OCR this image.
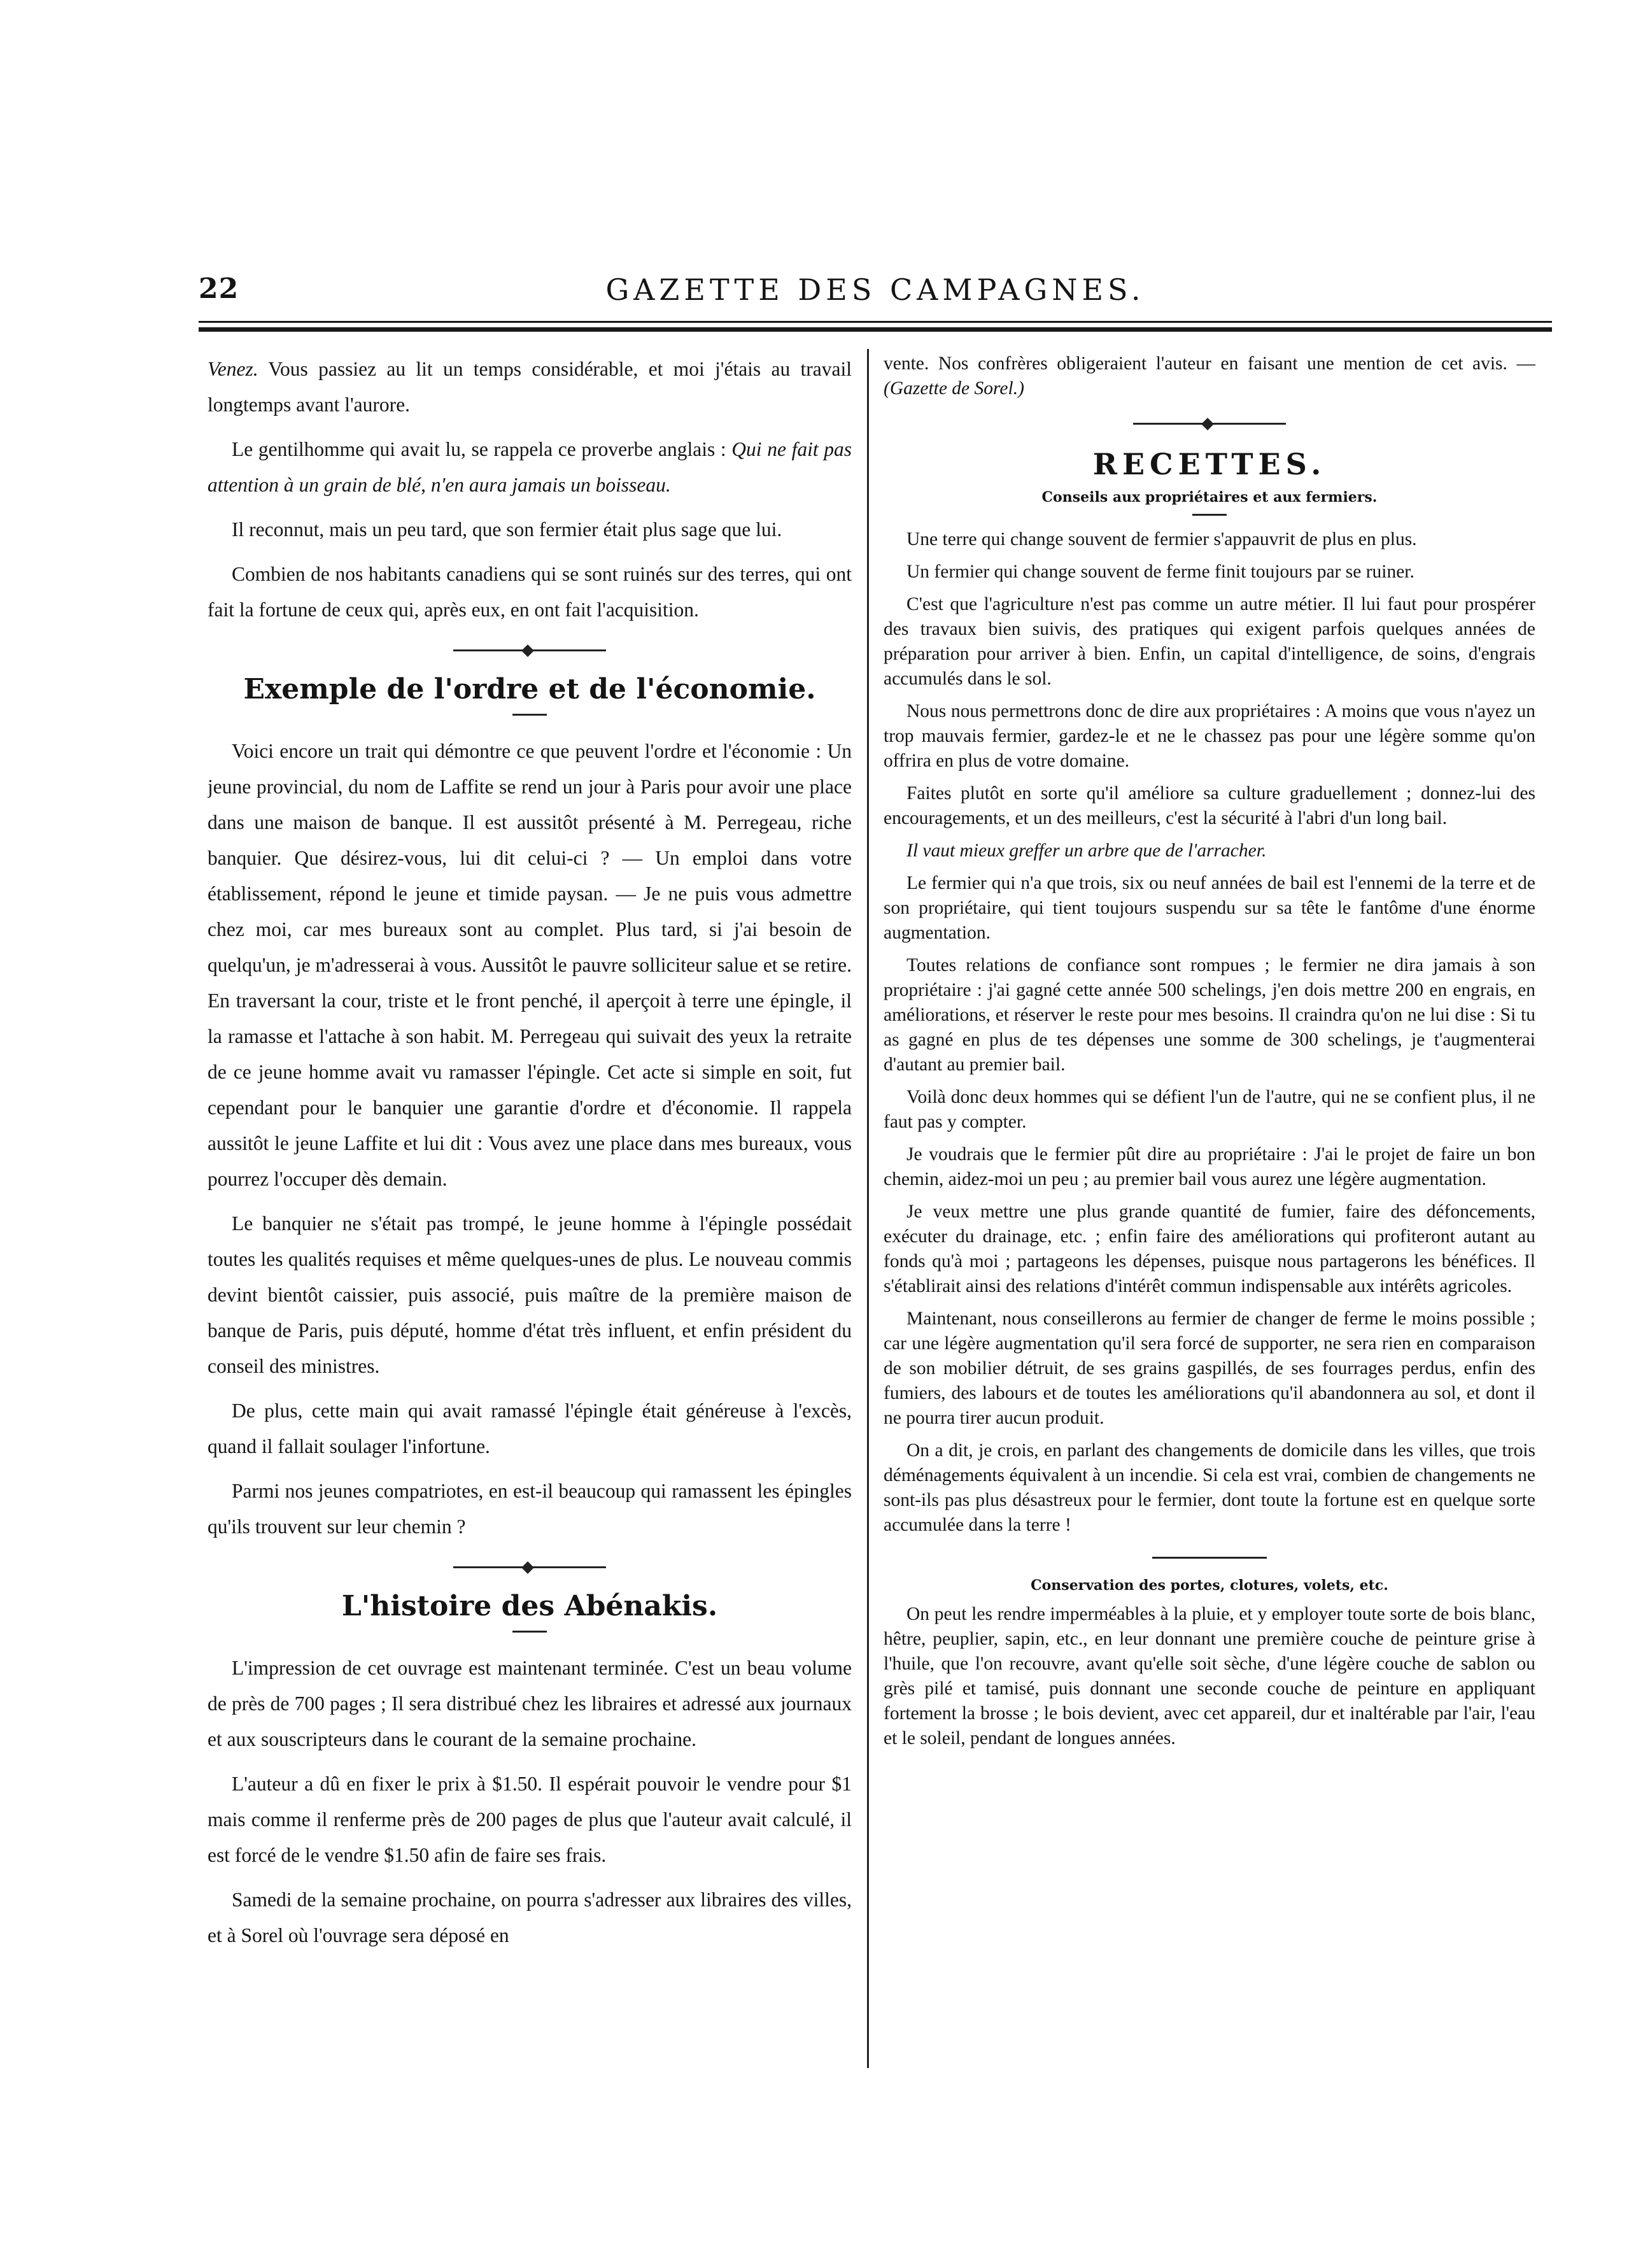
22	GAZETTE DES CAMPAGNES.

Venez. Vous passiez au lit un temps considérable, et moi j'étais au travail longtemps avant l'aurore.

Le gentilhomme qui avait lu, se rappela ce proverbe anglais : Qui ne fait pas attention à un grain de blé, n'en aura jamais un boisseau.

Il reconnut, mais un peu tard, que son fermier était plus sage que lui.

Combien de nos habitants canadiens qui se sont ruinés sur des terres, qui ont fait la fortune de ceux qui, après eux, en ont fait l'acquisition.

Exemple de l'ordre et de l'économie.

Voici encore un trait qui démontre ce que peuvent l'ordre et l'économie : Un jeune provincial, du nom de Laffite se rend un jour à Paris pour avoir une place dans une maison de banque. Il est aussitôt présenté à M. Perregeau, riche banquier. Que désirez-vous, lui dit celui-ci ? — Un emploi dans votre établissement, répond le jeune et timide paysan. — Je ne puis vous admettre chez moi, car mes bureaux sont au complet. Plus tard, si j'ai besoin de quelqu'un, je m'adresserai à vous. Aussitôt le pauvre solliciteur salue et se retire. En traversant la cour, triste et le front penché, il aperçoit à terre une épingle, il la ramasse et l'attache à son habit. M. Perregeau qui suivait des yeux la retraite de ce jeune homme avait vu ramasser l'épingle. Cet acte si simple en soit, fut cependant pour le banquier une garantie d'ordre et d'économie. Il rappela aussitôt le jeune Laffite et lui dit : Vous avez une place dans mes bureaux, vous pourrez l'occuper dès demain.

Le banquier ne s'était pas trompé, le jeune homme à l'épingle possédait toutes les qualités requises et même quelques-unes de plus. Le nouveau commis devint bientôt caissier, puis associé, puis maître de la première maison de banque de Paris, puis député, homme d'état très influent, et enfin président du conseil des ministres.

De plus, cette main qui avait ramassé l'épingle était généreuse à l'excès, quand il fallait soulager l'infortune.

Parmi nos jeunes compatriotes, en est-il beaucoup qui ramassent les épingles qu'ils trouvent sur leur chemin ?

L'histoire des Abénakis.

L'impression de cet ouvrage est maintenant terminée. C'est un beau volume de près de 700 pages ; Il sera distribué chez les libraires et adressé aux journaux et aux souscripteurs dans le courant de la semaine prochaine.

L'auteur a dû en fixer le prix à $1.50. Il espérait pouvoir le vendre pour $1 mais comme il renferme près de 200 pages de plus que l'auteur avait calculé, il est forcé de le vendre $1.50 afin de faire ses frais.

Samedi de la semaine prochaine, on pourra s'adresser aux libraires des villes, et à Sorel où l'ouvrage sera déposé en

vente. Nos confrères obligeraient l'auteur en faisant une mention de cet avis. — (Gazette de Sorel.)

RECETTES.
Conseils aux propriétaires et aux fermiers.

Une terre qui change souvent de fermier s'appauvrit de plus en plus.

Un fermier qui change souvent de ferme finit toujours par se ruiner.

C'est que l'agriculture n'est pas comme un autre métier. Il lui faut pour prospérer des travaux bien suivis, des pratiques qui exigent parfois quelques années de préparation pour arriver à bien. Enfin, un capital d'intelligence, de soins, d'engrais accumulés dans le sol.

Nous nous permettrons donc de dire aux propriétaires : A moins que vous n'ayez un trop mauvais fermier, gardez-le et ne le chassez pas pour une légère somme qu'on offrira en plus de votre domaine.

Faites plutôt en sorte qu'il améliore sa culture graduellement ; donnez-lui des encouragements, et un des meilleurs, c'est la sécurité à l'abri d'un long bail.

Il vaut mieux greffer un arbre que de l'arracher.

Le fermier qui n'a que trois, six ou neuf années de bail est l'ennemi de la terre et de son propriétaire, qui tient toujours suspendu sur sa tête le fantôme d'une énorme augmentation.

Toutes relations de confiance sont rompues ; le fermier ne dira jamais à son propriétaire : j'ai gagné cette année 500 schelings, j'en dois mettre 200 en engrais, en améliorations, et réserver le reste pour mes besoins. Il craindra qu'on ne lui dise : Si tu as gagné en plus de tes dépenses une somme de 300 schelings, je t'augmenterai d'autant au premier bail.

Voilà donc deux hommes qui se défient l'un de l'autre, qui ne se confient plus, il ne faut pas y compter.

Je voudrais que le fermier pût dire au propriétaire : J'ai le projet de faire un bon chemin, aidez-moi un peu ; au premier bail vous aurez une légère augmentation.

Je veux mettre une plus grande quantité de fumier, faire des défoncements, exécuter du drainage, etc. ; enfin faire des améliorations qui profiteront autant au fonds qu'à moi ; partageons les dépenses, puisque nous partagerons les bénéfices. Il s'établirait ainsi des relations d'intérêt commun indispensable aux intérêts agricoles.

Maintenant, nous conseillerons au fermier de changer de ferme le moins possible ; car une légère augmentation qu'il sera forcé de supporter, ne sera rien en comparaison de son mobilier détruit, de ses grains gaspillés, de ses fourrages perdus, enfin des fumiers, des labours et de toutes les améliorations qu'il abandonnera au sol, et dont il ne pourra tirer aucun produit.

On a dit, je crois, en parlant des changements de domicile dans les villes, que trois déménagements équivalent à un incendie. Si cela est vrai, combien de changements ne sont-ils pas plus désastreux pour le fermier, dont toute la fortune est en quelque sorte accumulée dans la terre !

Conservation des portes, clotures, volets, etc.

On peut les rendre imperméables à la pluie, et y employer toute sorte de bois blanc, hêtre, peuplier, sapin, etc., en leur donnant une première couche de peinture grise à l'huile, que l'on recouvre, avant qu'elle soit sèche, d'une légère couche de sablon ou grès pilé et tamisé, puis donnant une seconde couche de peinture en appliquant fortement la brosse ; le bois devient, avec cet appareil, dur et inaltérable par l'air, l'eau et le soleil, pendant de longues années.
